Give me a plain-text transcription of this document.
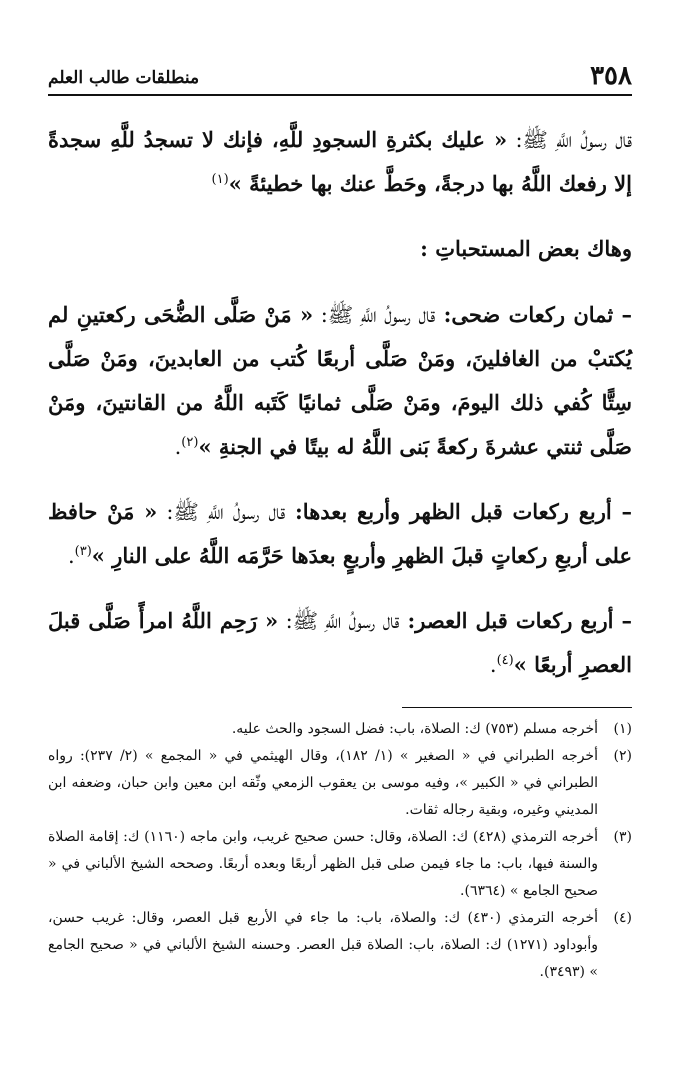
٣٥٨
منطلقات طالب العلم

قال رسولُ اللَّهِ ﷺ: « عليك بكثرةِ السجودِ للَّهِ، فإنك لا تسجدُ للَّهِ سجدةً إلا رفعك اللَّهُ بها درجةً، وحَطَّ عنك بها خطيئةً »$^{(١)}$

وهاك بعض المستحباتِ :

– ثمان ركعات ضحى: قال رسولُ اللَّهِ ﷺ: « مَنْ صَلَّى الضُّحَى ركعتينِ لم يُكتبْ من الغافلينَ، ومَنْ صَلَّى أربعًا كُتب من العابدينَ، ومَنْ صَلَّى سِتًّا كُفي ذلك اليومَ، ومَنْ صَلَّى ثمانيًا كَتَبه اللَّهُ من القانتينَ، ومَنْ صَلَّى ثنتي عشرةَ ركعةً بَنى اللَّهُ له بيتًا في الجنةِ »$^{(٢)}$.

– أربع ركعات قبل الظهر وأربع بعدها: قال رسولُ اللَّهِ ﷺ: « مَنْ حافظ على أربعِ ركعاتٍ قبلَ الظهرِ وأربعٍ بعدَها حَرَّمَه اللَّهُ على النارِ »$^{(٣)}$.

– أربع ركعات قبل العصر: قال رسولُ اللَّهِ ﷺ: « رَحِم اللَّهُ امرأً صَلَّى قبلَ العصرِ أربعًا »$^{(٤)}$.

(١)
أخرجه مسلم (٧٥٣) ك: الصلاة، باب: فضل السجود والحث عليه.

(٢)
أخرجه الطبراني في « الصغير » (١/ ١٨٢)، وقال الهيثمي في « المجمع » (٢/ ٢٣٧): رواه الطبراني في « الكبير »، وفيه موسى بن يعقوب الزمعي وثّقه ابن معين وابن حبان، وضعفه ابن المديني وغيره، وبقية رجاله ثقات.

(٣)
أخرجه الترمذي (٤٢٨) ك: الصلاة، وقال: حسن صحيح غريب، وابن ماجه (١١٦٠) ك: إقامة الصلاة والسنة فيها، باب: ما جاء فيمن صلى قبل الظهر أربعًا وبعده أربعًا. وصححه الشيخ الألباني في « صحيح الجامع » (٦٣٦٤).

(٤)
أخرجه الترمذي (٤٣٠) ك: والصلاة، باب: ما جاء في الأربع قبل العصر، وقال: غريب حسن، وأبوداود (١٢٧١) ك: الصلاة، باب: الصلاة قبل العصر. وحسنه الشيخ الألباني في « صحيح الجامع » (٣٤٩٣).
